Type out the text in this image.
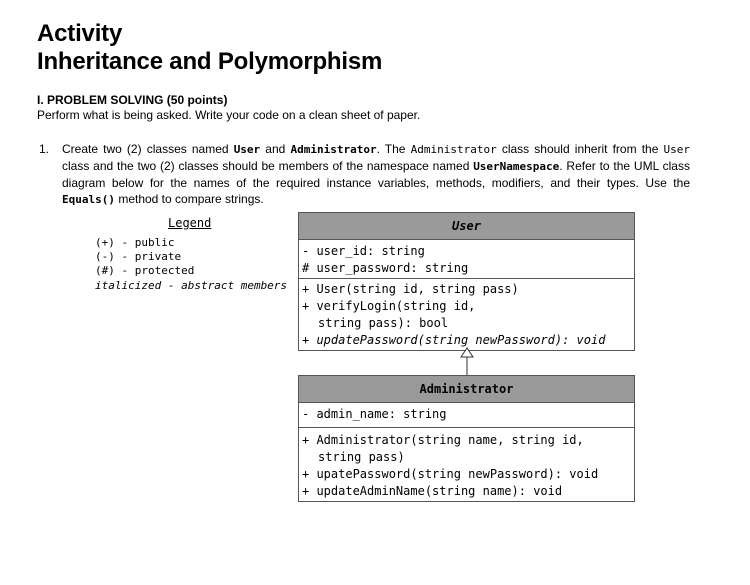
Activity
Inheritance and Polymorphism
I. PROBLEM SOLVING (50 points)
Perform what is being asked. Write your code on a clean sheet of paper.
1. Create two (2) classes named User and Administrator. The Administrator class should inherit from the User class and the two (2) classes should be members of the namespace named UserNamespace. Refer to the UML class diagram below for the names of the required instance variables, methods, modifiers, and their types. Use the Equals() method to compare strings.
Legend
(+) - public
(-) - private
(#) - protected
italicized - abstract members
User
- user_id: string
# user_password: string
+ User(string id, string pass)
+ verifyLogin(string id,
string pass): bool
+ updatePassword(string newPassword): void
Administrator
- admin_name: string
+ Administrator(string name, string id,
string pass)
+ upatePassword(string newPassword): void
+ updateAdminName(string name): void
